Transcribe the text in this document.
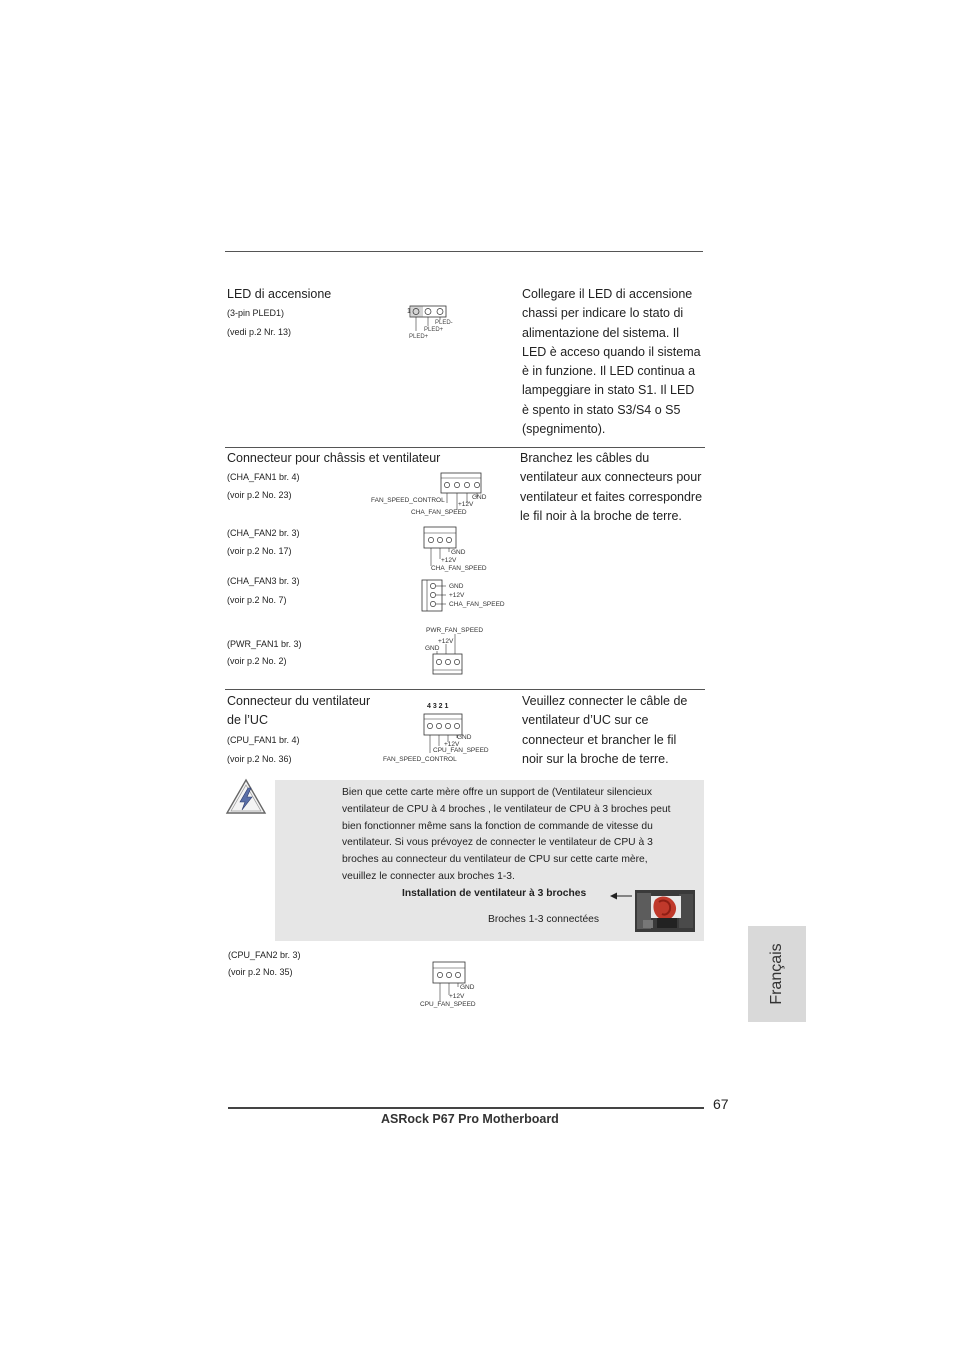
LED di accensione
(3-pin PLED1)
(vedi p.2 Nr. 13)
1
PLED-
PLED+
PLED+
Collegare il LED di accensione
chassi per indicare lo stato di
alimentazione del sistema. Il
LED è acceso quando il sistema
è in funzione. Il LED continua a
lampeggiare in stato S1. Il LED
è spento in stato S3/S4 o S5
(spegnimento).
Connecteur pour châssis et ventilateur
(CHA_FAN1 br. 4)
(voir p.2 No. 23)
FAN_SPEED_CONTROL	GND
+12V
CHA_FAN_SPEED
Branchez les câbles du
ventilateur aux connecteurs pour
ventilateur et faites correspondre
le fil noir à la broche de terre.
(CHA_FAN2 br. 3)
(voir p.2 No. 17)	GND
+12V
CHA_FAN_SPEED
(CHA_FAN3 br. 3)
(voir p.2 No. 7)
GND
+12V
CHA_FAN_SPEED
(PWR_FAN1 br. 3)
(voir p.2 No. 2)
PWR_FAN_SPEED
+12V
GND
Connecteur du ventilateur
de l’UC
(CPU_FAN1 br. 4)
(voir p.2 No. 36)
4 3 2 1
GND
+12V
CPU_FAN_SPEED
FAN_SPEED_CONTROL
Veuillez connecter le câble de
ventilateur d’UC sur ce
connecteur et brancher le fil
noir sur la broche de terre.
Bien que cette carte mère offre un support de (Ventilateur silencieux
ventilateur de CPU à 4 broches , le ventilateur de CPU à 3 broches peut
bien fonctionner même sans la fonction de commande de vitesse du
ventilateur. Si vous prévoyez de connecter le ventilateur de CPU à 3
broches au connecteur du ventilateur de CPU sur cette carte mère,
veuillez le connecter aux broches 1-3.
Installation de ventilateur à 3 broches
Broches 1-3 connectées
(CPU_FAN2 br. 3)
(voir p.2 No. 35)
GND
+12V
CPU_FAN_SPEED	Français
67
ASRock P67 Pro Motherboard
